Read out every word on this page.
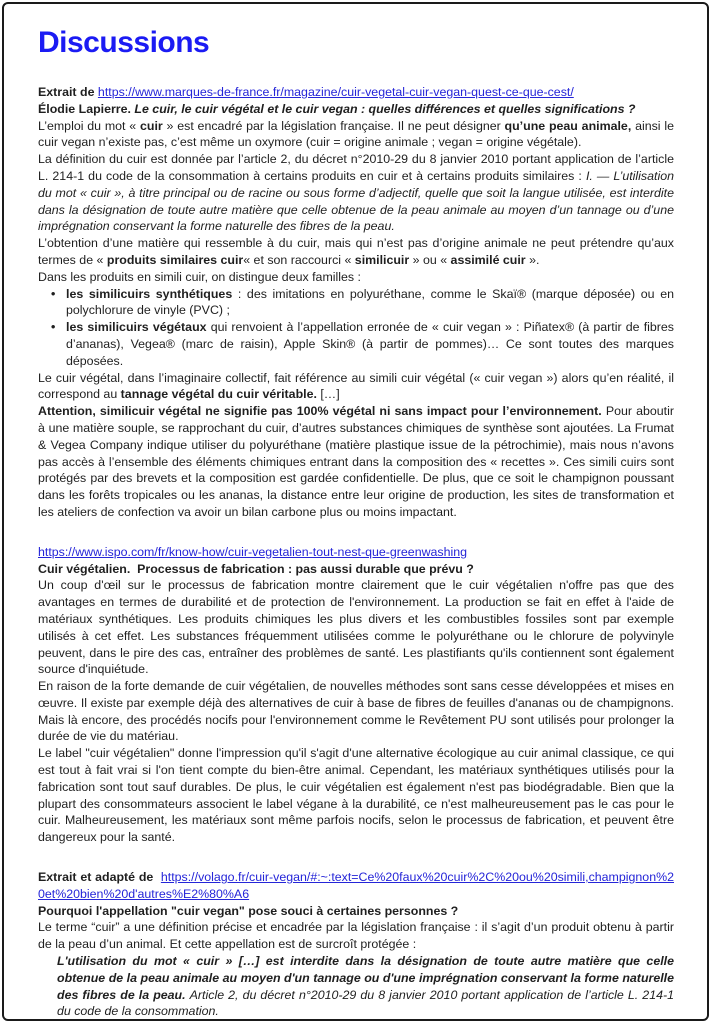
Discussions

Extrait de https://www.marques-de-france.fr/magazine/cuir-vegetal-cuir-vegan-quest-ce-que-cest/

Élodie Lapierre. Le cuir, le cuir végétal et le cuir vegan : quelles différences et quelles significations ?

L’emploi du mot « cuir » est encadré par la législation française. Il ne peut désigner qu’une peau animale, ainsi le cuir vegan n’existe pas, c’est même un oxymore (cuir = origine animale ; vegan = origine végétale).

La définition du cuir est donnée par l’article 2, du décret n°2010-29 du 8 janvier 2010 portant application de l’article L. 214-1 du code de la consommation à certains produits en cuir et à certains produits similaires : I. — L’utilisation du mot « cuir », à titre principal ou de racine ou sous forme d’adjectif, quelle que soit la langue utilisée, est interdite dans la désignation de toute autre matière que celle obtenue de la peau animale au moyen d’un tannage ou d’une imprégnation conservant la forme naturelle des fibres de la peau.

L’obtention d’une matière qui ressemble à du cuir, mais qui n’est pas d’origine animale ne peut prétendre qu’aux termes de « produits similaires cuir« et son raccourci « similicuir » ou « assimilé cuir ».

Dans les produits en simili cuir, on distingue deux familles :

• les similicuirs synthétiques : des imitations en polyuréthane, comme le Skaï® (marque déposée) ou en polychlorure de vinyle (PVC) ;

• les similicuirs végétaux qui renvoient à l’appellation erronée de « cuir vegan » : Piñatex® (à partir de fibres d’ananas), Vegea® (marc de raisin), Apple Skin® (à partir de pommes)… Ce sont toutes des marques déposées.

Le cuir végétal, dans l’imaginaire collectif, fait référence au simili cuir végétal (« cuir vegan ») alors qu’en réalité, il correspond au tannage végétal du cuir véritable. […]

Attention, similicuir végétal ne signifie pas 100% végétal ni sans impact pour l’environnement. Pour aboutir à une matière souple, se rapprochant du cuir, d’autres substances chimiques de synthèse sont ajoutées. La Frumat & Vegea Company indique utiliser du polyuréthane (matière plastique issue de la pétrochimie), mais nous n’avons pas accès à l’ensemble des éléments chimiques entrant dans la composition des « recettes ». Ces simili cuirs sont protégés par des brevets et la composition est gardée confidentielle. De plus, que ce soit le champignon poussant dans les forêts tropicales ou les ananas, la distance entre leur origine de production, les sites de transformation et les ateliers de confection va avoir un bilan carbone plus ou moins impactant.

https://www.ispo.com/fr/know-how/cuir-vegetalien-tout-nest-que-greenwashing

Cuir végétalien.  Processus de fabrication : pas aussi durable que prévu ?

Un coup d'œil sur le processus de fabrication montre clairement que le cuir végétalien n'offre pas que des avantages en termes de durabilité et de protection de l'environnement. La production se fait en effet à l'aide de matériaux synthétiques. Les produits chimiques les plus divers et les combustibles fossiles sont par exemple utilisés à cet effet. Les substances fréquemment utilisées comme le polyuréthane ou le chlorure de polyvinyle peuvent, dans le pire des cas, entraîner des problèmes de santé. Les plastifiants qu'ils contiennent sont également source d'inquiétude.

En raison de la forte demande de cuir végétalien, de nouvelles méthodes sont sans cesse développées et mises en œuvre. Il existe par exemple déjà des alternatives de cuir à base de fibres de feuilles d'ananas ou de champignons. Mais là encore, des procédés nocifs pour l'environnement comme le Revêtement PU sont utilisés pour prolonger la durée de vie du matériau.

Le label "cuir végétalien" donne l'impression qu'il s'agit d'une alternative écologique au cuir animal classique, ce qui est tout à fait vrai si l'on tient compte du bien-être animal. Cependant, les matériaux synthétiques utilisés pour la fabrication sont tout sauf durables. De plus, le cuir végétalien est également n'est pas biodégradable. Bien que la plupart des consommateurs associent le label végane à la durabilité, ce n'est malheureusement pas le cas pour le cuir. Malheureusement, les matériaux sont même parfois nocifs, selon le processus de fabrication, et peuvent être dangereux pour la santé.

Extrait et adapté de  https://volago.fr/cuir-vegan/#:~:text=Ce%20faux%20cuir%2C%20ou%20simili,champignon%20et%20bien%20d'autres%E2%80%A6

Pourquoi l'appellation "cuir vegan" pose souci à certaines personnes ?

Le terme “cuir” a une définition précise et encadrée par la législation française : il s’agit d’un produit obtenu à partir de la peau d’un animal. Et cette appellation est de surcroît protégée :

L'utilisation du mot « cuir » […] est interdite dans la désignation de toute autre matière que celle obtenue de la peau animale au moyen d'un tannage ou d'une imprégnation conservant la forme naturelle des fibres de la peau. Article 2, du décret n°2010-29 du 8 janvier 2010 portant application de l’article L. 214-1 du code de la consommation.
